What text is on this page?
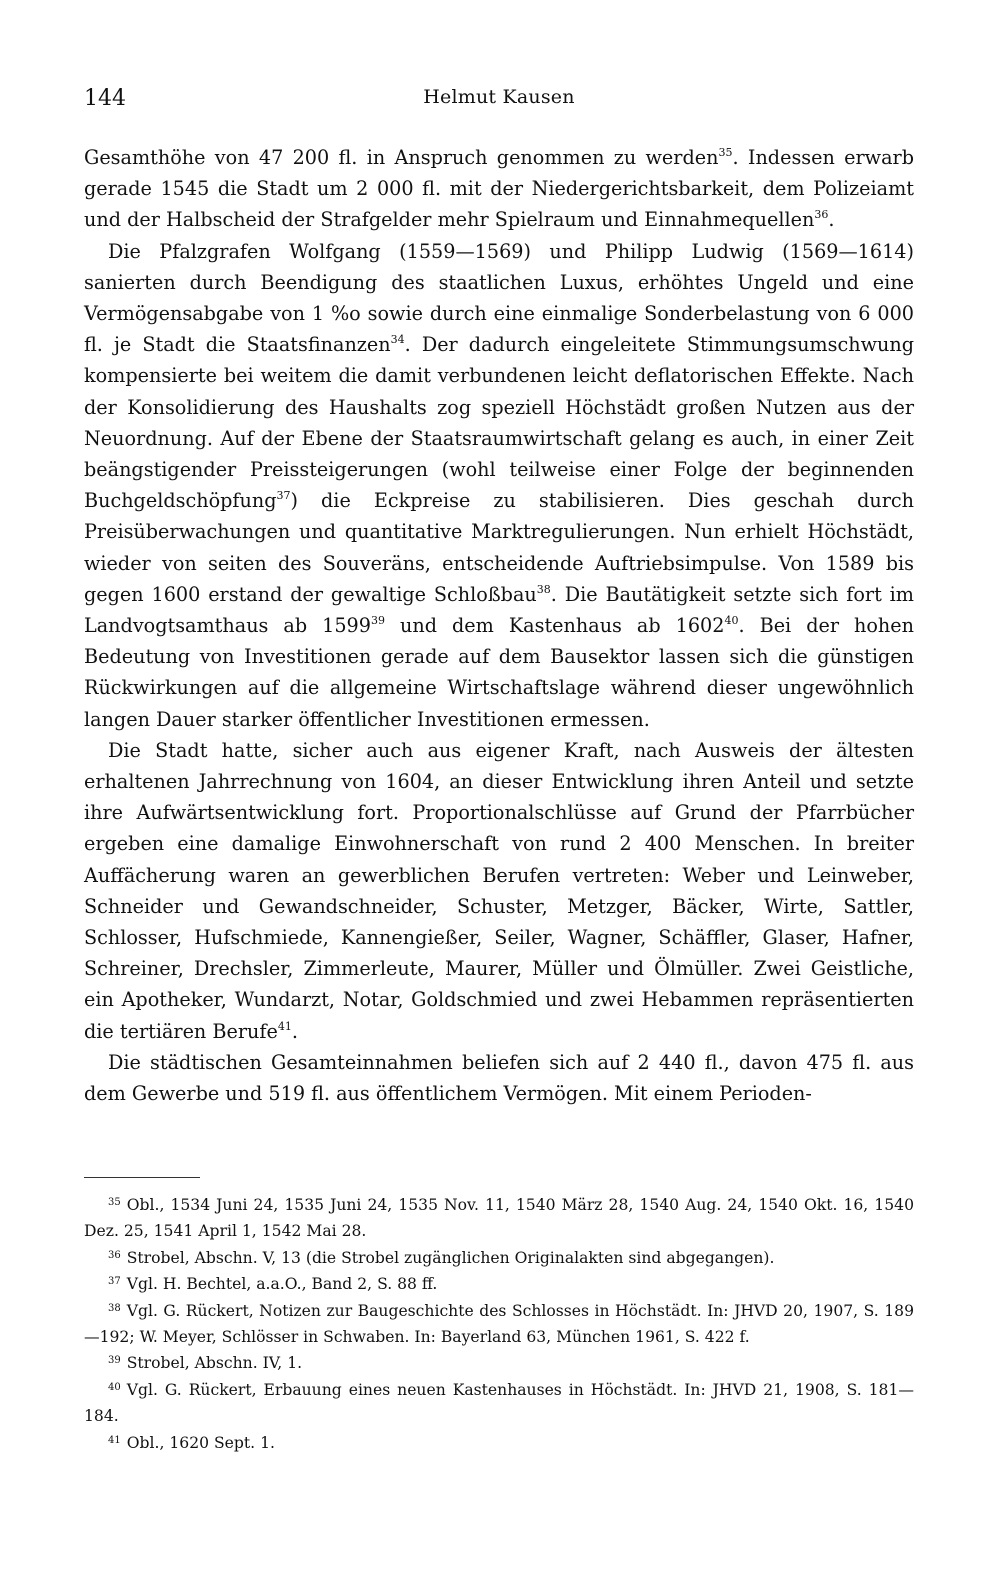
144	Helmut Kausen

Gesamthöhe von 47 200 fl. in Anspruch genommen zu werden$^{35}$. Indessen erwarb gerade 1545 die Stadt um 2 000 fl. mit der Niedergerichtsbarkeit, dem Polizeiamt und der Halbscheid der Strafgelder mehr Spielraum und Einnahmequellen$^{36}$.

Die Pfalzgrafen Wolfgang (1559—1569) und Philipp Ludwig (1569—1614) sanierten durch Beendigung des staatlichen Luxus, erhöhtes Ungeld und eine Vermögensabgabe von 1 %o sowie durch eine einmalige Sonderbelastung von 6 000 fl. je Stadt die Staatsfinanzen$^{34}$. Der dadurch eingeleitete Stimmungsumschwung kompensierte bei weitem die damit verbundenen leicht deflatorischen Effekte. Nach der Konsolidierung des Haushalts zog speziell Höchstädt großen Nutzen aus der Neuordnung. Auf der Ebene der Staatsraumwirtschaft gelang es auch, in einer Zeit beängstigender Preissteigerungen (wohl teilweise einer Folge der beginnenden Buchgeldschöpfung$^{37}$) die Eckpreise zu stabilisieren. Dies geschah durch Preisüberwachungen und quantitative Marktregulierungen. Nun erhielt Höchstädt, wieder von seiten des Souveräns, entscheidende Auftriebsimpulse. Von 1589 bis gegen 1600 erstand der gewaltige Schloßbau$^{38}$. Die Bautätigkeit setzte sich fort im Landvogtsamthaus ab 1599$^{39}$ und dem Kastenhaus ab 1602$^{40}$. Bei der hohen Bedeutung von Investitionen gerade auf dem Bausektor lassen sich die günstigen Rückwirkungen auf die allgemeine Wirtschaftslage während dieser ungewöhnlich langen Dauer starker öffentlicher Investitionen ermessen.

Die Stadt hatte, sicher auch aus eigener Kraft, nach Ausweis der ältesten erhaltenen Jahrrechnung von 1604, an dieser Entwicklung ihren Anteil und setzte ihre Aufwärtsentwicklung fort. Proportionalschlüsse auf Grund der Pfarrbücher ergeben eine damalige Einwohnerschaft von rund 2 400 Menschen. In breiter Auffächerung waren an gewerblichen Berufen vertreten: Weber und Leinweber, Schneider und Gewandschneider, Schuster, Metzger, Bäcker, Wirte, Sattler, Schlosser, Hufschmiede, Kannengießer, Seiler, Wagner, Schäffler, Glaser, Hafner, Schreiner, Drechsler, Zimmerleute, Maurer, Müller und Ölmüller. Zwei Geistliche, ein Apotheker, Wundarzt, Notar, Goldschmied und zwei Hebammen repräsentierten die tertiären Berufe$^{41}$.

Die städtischen Gesamteinnahmen beliefen sich auf 2 440 fl., davon 475 fl. aus dem Gewerbe und 519 fl. aus öffentlichem Vermögen. Mit einem Perioden-

$^{35}$ Obl., 1534 Juni 24, 1535 Juni 24, 1535 Nov. 11, 1540 März 28, 1540 Aug. 24, 1540 Okt. 16, 1540 Dez. 25, 1541 April 1, 1542 Mai 28.

$^{36}$ Strobel, Abschn. V, 13 (die Strobel zugänglichen Originalakten sind abgegangen).

$^{37}$ Vgl. H. Bechtel, a.a.O., Band 2, S. 88 ff.

$^{38}$ Vgl. G. Rückert, Notizen zur Baugeschichte des Schlosses in Höchstädt. In: JHVD 20, 1907, S. 189—192; W. Meyer, Schlösser in Schwaben. In: Bayerland 63, München 1961, S. 422 f.

$^{39}$ Strobel, Abschn. IV, 1.

$^{40}$ Vgl. G. Rückert, Erbauung eines neuen Kastenhauses in Höchstädt. In: JHVD 21, 1908, S. 181—184.

$^{41}$ Obl., 1620 Sept. 1.
